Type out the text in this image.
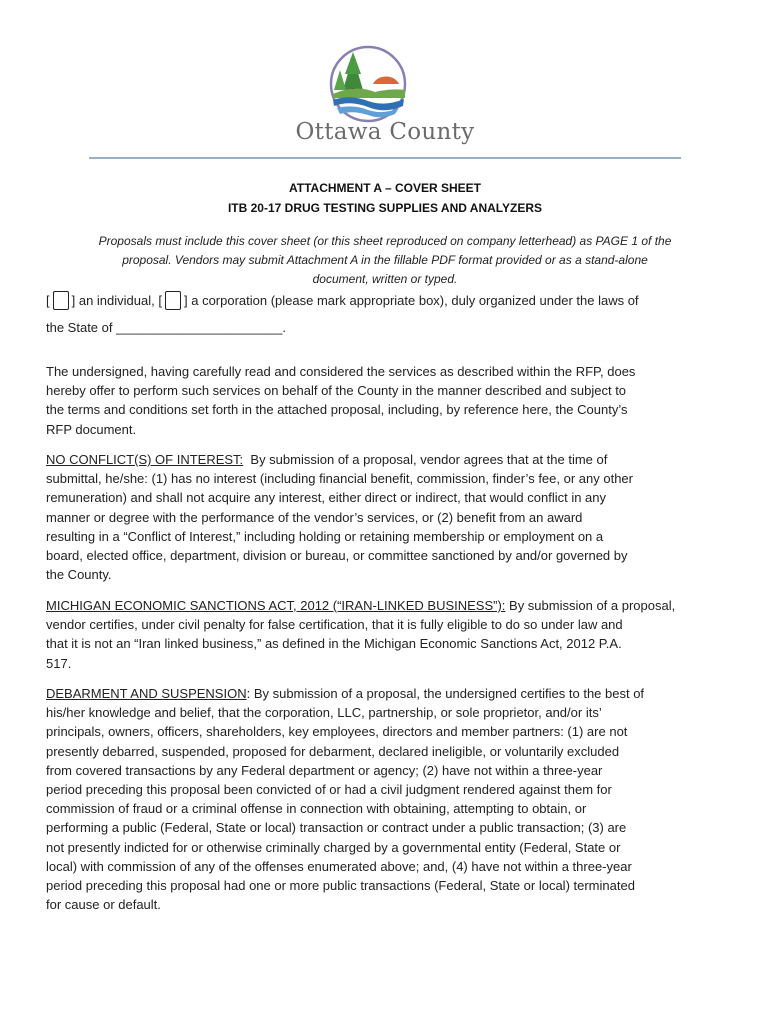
Ottawa County
ATTACHMENT A – COVER SHEET
ITB 20-17 DRUG TESTING SUPPLIES AND ANALYZERS
Proposals must include this cover sheet (or this sheet reproduced on company letterhead) as PAGE 1 of the
proposal. Vendors may submit Attachment A in the fillable PDF format provided or as a stand-alone
document, written or typed.
[ ] an individual, [ ] a corporation (please mark appropriate box), duly organized under the laws of
the State of _______________________.
The undersigned, having carefully read and considered the services as described within the RFP, does
hereby offer to perform such services on behalf of the County in the manner described and subject to
the terms and conditions set forth in the attached proposal, including, by reference here, the County’s
RFP document.
NO CONFLICT(S) OF INTEREST:  By submission of a proposal, vendor agrees that at the time of
submittal, he/she: (1) has no interest (including financial benefit, commission, finder’s fee, or any other
remuneration) and shall not acquire any interest, either direct or indirect, that would conflict in any
manner or degree with the performance of the vendor’s services, or (2) benefit from an award
resulting in a “Conflict of Interest,” including holding or retaining membership or employment on a
board, elected office, department, division or bureau, or committee sanctioned by and/or governed by
the County.
MICHIGAN ECONOMIC SANCTIONS ACT, 2012 (“IRAN-LINKED BUSINESS”): By submission of a proposal,
vendor certifies, under civil penalty for false certification, that it is fully eligible to do so under law and
that it is not an “Iran linked business,” as defined in the Michigan Economic Sanctions Act, 2012 P.A.
517.
DEBARMENT AND SUSPENSION: By submission of a proposal, the undersigned certifies to the best of
his/her knowledge and belief, that the corporation, LLC, partnership, or sole proprietor, and/or its’
principals, owners, officers, shareholders, key employees, directors and member partners: (1) are not
presently debarred, suspended, proposed for debarment, declared ineligible, or voluntarily excluded
from covered transactions by any Federal department or agency; (2) have not within a three-year
period preceding this proposal been convicted of or had a civil judgment rendered against them for
commission of fraud or a criminal offense in connection with obtaining, attempting to obtain, or
performing a public (Federal, State or local) transaction or contract under a public transaction; (3) are
not presently indicted for or otherwise criminally charged by a governmental entity (Federal, State or
local) with commission of any of the offenses enumerated above; and, (4) have not within a three-year
period preceding this proposal had one or more public transactions (Federal, State or local) terminated
for cause or default.
